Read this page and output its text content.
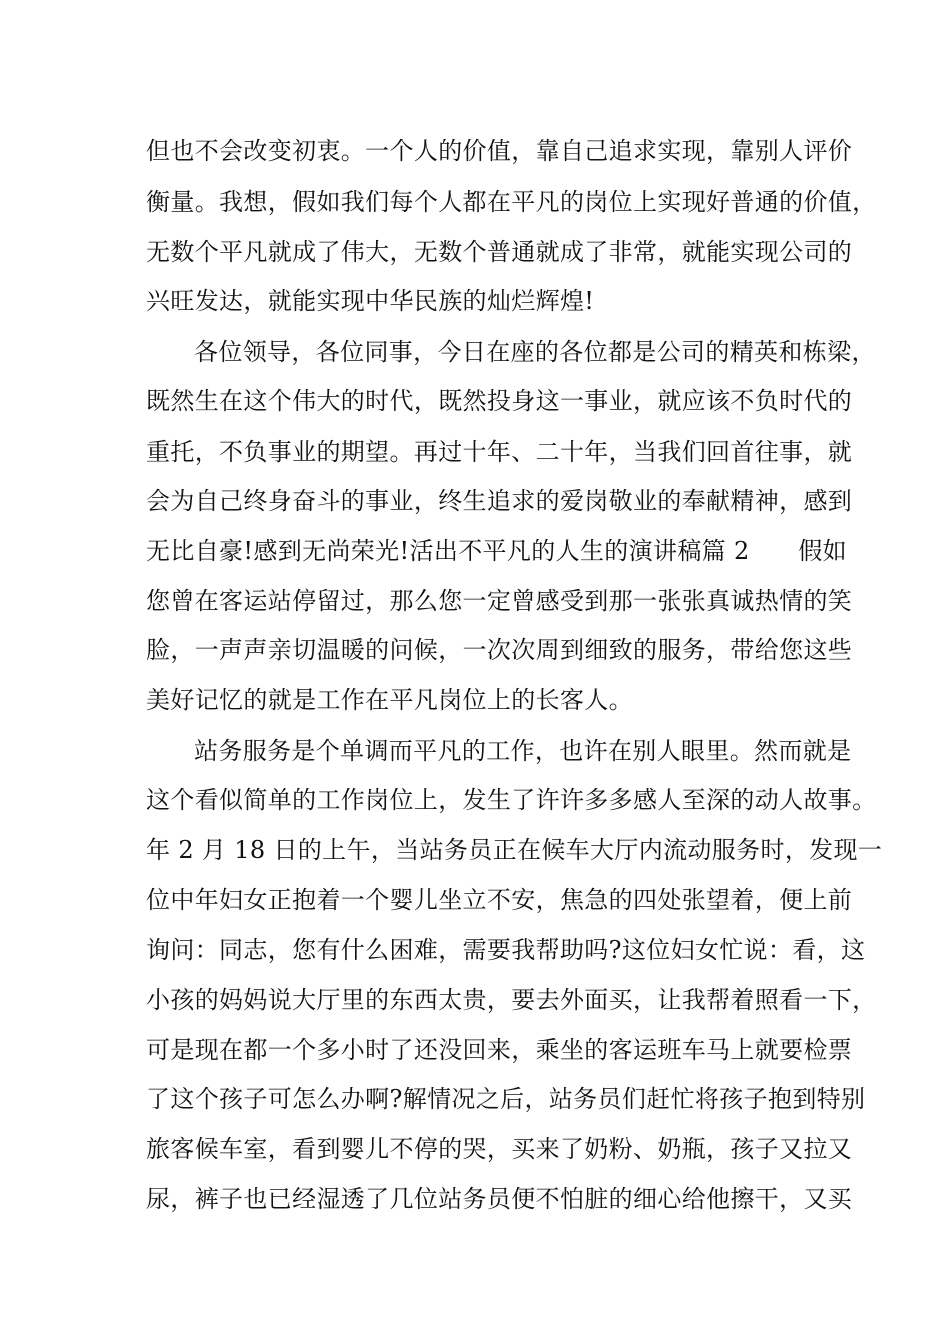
但也不会改变初衷。一个人的价值，靠自己追求实现，靠别人评价
衡量。我想，假如我们每个人都在平凡的岗位上实现好普通的价值，
无数个平凡就成了伟大，无数个普通就成了非常，就能实现公司的
兴旺发达，就能实现中华民族的灿烂辉煌!
各位领导，各位同事，今日在座的各位都是公司的精英和栋梁，
既然生在这个伟大的时代，既然投身这一事业，就应该不负时代的
重托，不负事业的期望。再过十年、二十年，当我们回首往事，就
会为自己终身奋斗的事业，终生追求的爱岗敬业的奉献精神，感到
无比自豪!感到无尚荣光!活出不平凡的人生的演讲稿篇 2　　假如
您曾在客运站停留过，那么您一定曾感受到那一张张真诚热情的笑
脸，一声声亲切温暖的问候，一次次周到细致的服务，带给您这些
美好记忆的就是工作在平凡岗位上的长客人。
站务服务是个单调而平凡的工作，也许在别人眼里。然而就是
这个看似简单的工作岗位上，发生了许许多多感人至深的动人故事。
年 2 月 18 日的上午，当站务员正在候车大厅内流动服务时，发现一
位中年妇女正抱着一个婴儿坐立不安，焦急的四处张望着，便上前
询问：同志，您有什么困难，需要我帮助吗?这位妇女忙说：看，这
小孩的妈妈说大厅里的东西太贵，要去外面买，让我帮着照看一下，
可是现在都一个多小时了还没回来，乘坐的客运班车马上就要检票
了这个孩子可怎么办啊?解情况之后，站务员们赶忙将孩子抱到特别
旅客候车室，看到婴儿不停的哭，买来了奶粉、奶瓶，孩子又拉又
尿，裤子也已经湿透了几位站务员便不怕脏的细心给他擦干，又买
